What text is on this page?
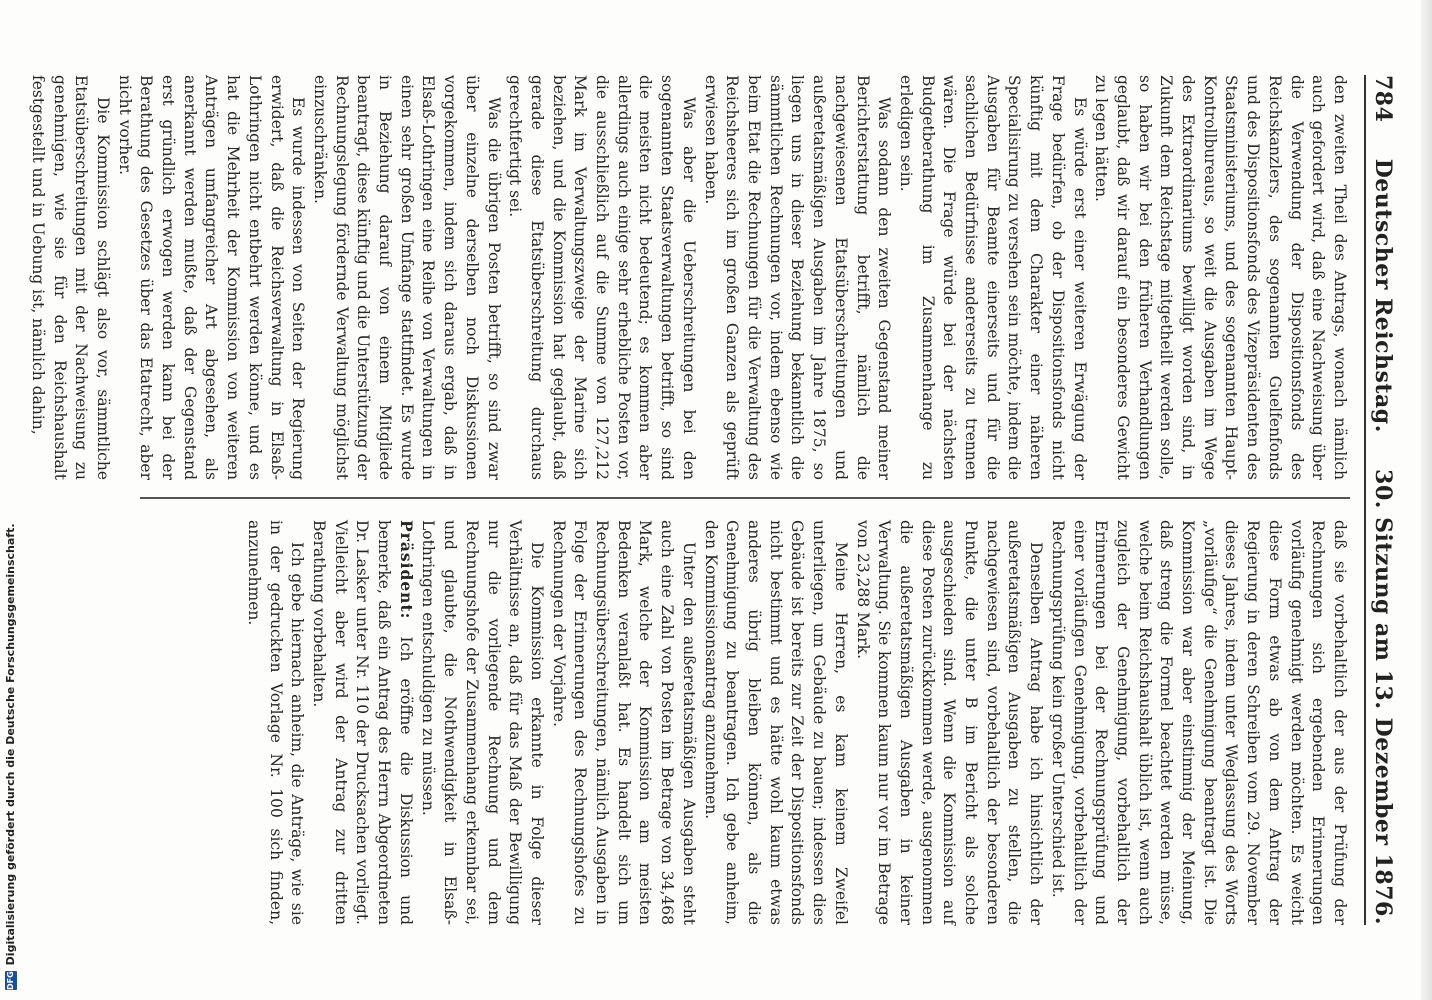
DFG
Digitalisierung gefördert durch die Deutsche Forschungsgemeinschaft.
784
Deutscher Reichstag.
30. Sitzung am 13. Dezember 1876.

den zweiten Theil des Antrags, wonach nämlich auch gefordert wird, daß eine Nachweisung über die Verwendung der Dispositionsfonds des Reichskanzlers, des sogenannten Guelfenfonds und des Dispositionsfonds des Vizepräsidenten des Staatsministeriums, und des sogenannten Haupt-Kontrollbureaus, so weit die Ausgaben im Wege des Extraordinariums bewilligt worden sind, in Zukunft dem Reichstage mitgetheilt werden solle, so haben wir bei den früheren Verhandlungen geglaubt, daß wir darauf ein besonderes Gewicht zu legen hätten.

Es würde erst einer weiteren Erwägung der Frage bedürfen, ob der Dispositionsfonds nicht künftig mit dem Charakter einer näheren Specialisirung zu versehen sein möchte, indem die Ausgaben für Beamte einerseits und für die sachlichen Bedürfnisse andererseits zu trennen wären. Die Frage würde bei der nächsten Budgetberathung im Zusammenhange zu erledigen sein.

Was sodann den zweiten Gegenstand meiner Berichterstattung betrifft, nämlich die nachgewiesenen Etatsüberschreitungen und außeretatsmäßigen Ausgaben im Jahre 1875, so liegen uns in dieser Beziehung bekanntlich die sämmtlichen Rechnungen vor, indem ebenso wie beim Etat die Rechnungen für die Verwaltung des Reichsheeres sich im großen Ganzen als geprüft erwiesen haben.

Was aber die Ueberschreitungen bei den sogenannten Staatsverwaltungen betrifft, so sind die meisten nicht bedeutend; es kommen aber allerdings auch einige sehr erhebliche Posten vor, die ausschließlich auf die Summe von 127,212 Mark im Verwaltungszweige der Marine sich beziehen, und die Kommission hat geglaubt, daß gerade diese Etatsüberschreitung durchaus gerechtfertigt sei.

Was die übrigen Posten betrifft, so sind zwar über einzelne derselben noch Diskussionen vorgekommen, indem sich daraus ergab, daß in Elsaß-Lothringen eine Reihe von Verwaltungen in einen sehr großen Umfange stattfindet. Es wurde in Beziehung darauf von einem Mitgliede beantragt, diese künftig und die Unterstützung der Rechnungslegung fördernde Verwaltung möglichst einzuschränken.

Es wurde indessen von Seiten der Regierung erwidert, daß die Reichsverwaltung in Elsaß-Lothringen nicht entbehrt werden könne, und es hat die Mehrheit der Kommission von weiteren Anträgen umfangreicher Art abgesehen, als anerkannt werden mußte, daß der Gegenstand erst gründlich erwogen werden kann bei der Berathung des Gesetzes über das Etatrecht, aber nicht vorher.

Die Kommission schlägt also vor, sämmtliche Etatsüberschreitungen mit der Nachweisung zu genehmigen, wie sie für den Reichshaushalt festgestellt und in Uebung ist, nämlich dahin,

daß sie vorbehaltlich der aus der Prüfung der Rechnungen sich ergebenden Erinnerungen vorläufig genehmigt werden möchten. Es weicht diese Form etwas ab von dem Antrag der Regierung in deren Schreiben vom 29. November dieses Jahres, indem unter Weglassung des Worts „vorläufige“ die Genehmigung beantragt ist. Die Kommission war aber einstimmig der Meinung, daß streng die Formel beachtet werden müsse, welche beim Reichshaushalt üblich ist, wenn auch zugleich der Genehmigung, vorbehaltlich der Erinnerungen bei der Rechnungsprüfung und einer vorläufigen Genehmigung, vorbehaltlich der Rechnungsprüfung kein großer Unterschied ist.

Denselben Antrag habe ich hinsichtlich der außeretatsmäßigen Ausgaben zu stellen, die nachgewiesen sind, vorbehaltlich der besonderen Punkte, die unter B im Bericht als solche ausgeschieden sind. Wenn die Kommission auf diese Posten zurückkommen werde, ausgenommen die außeretatsmäßigen Ausgaben in keiner Verwaltung. Sie kommen kaum nur vor im Betrage von 23,288 Mark.

Meine Herren, es kam keinem Zweifel unterliegen, um Gebäude zu bauen; indessen dies Gebäude ist bereits zur Zeit der Dispositionsfonds nicht bestimmt und es hätte wohl kaum etwas anderes übrig bleiben können, als die Genehmigung zu beantragen. Ich gebe anheim, den Kommissionsantrag anzunehmen.

Unter den außeretatsmäßigen Ausgaben steht auch eine Zahl von Posten im Betrage von 34,468 Mark, welche der Kommission am meisten Bedenken veranlaßt hat. Es handelt sich um Rechnungsüberschreitungen, nämlich Ausgaben in Folge der Erinnerungen des Rechnungshofes zu Rechnungen der Vorjahre.

Die Kommission erkannte in Folge dieser Verhältnisse an, daß für das Maß der Bewilligung nur die vorliegende Rechnung und dem Rechnungshofe der Zusammenhang erkennbar sei, und glaubte, die Nothwendigkeit in Elsaß-Lothringen entschuldigen zu müssen.

Präsident: Ich eröffne die Diskussion und bemerke, daß ein Antrag des Herrn Abgeordneten Dr. Lasker unter Nr. 110 der Drucksachen vorliegt. Vielleicht aber wird der Antrag zur dritten Berathung vorbehalten.

Ich gebe hiernach anheim, die Anträge, wie sie in der gedruckten Vorlage Nr. 100 sich finden, anzunehmen.
